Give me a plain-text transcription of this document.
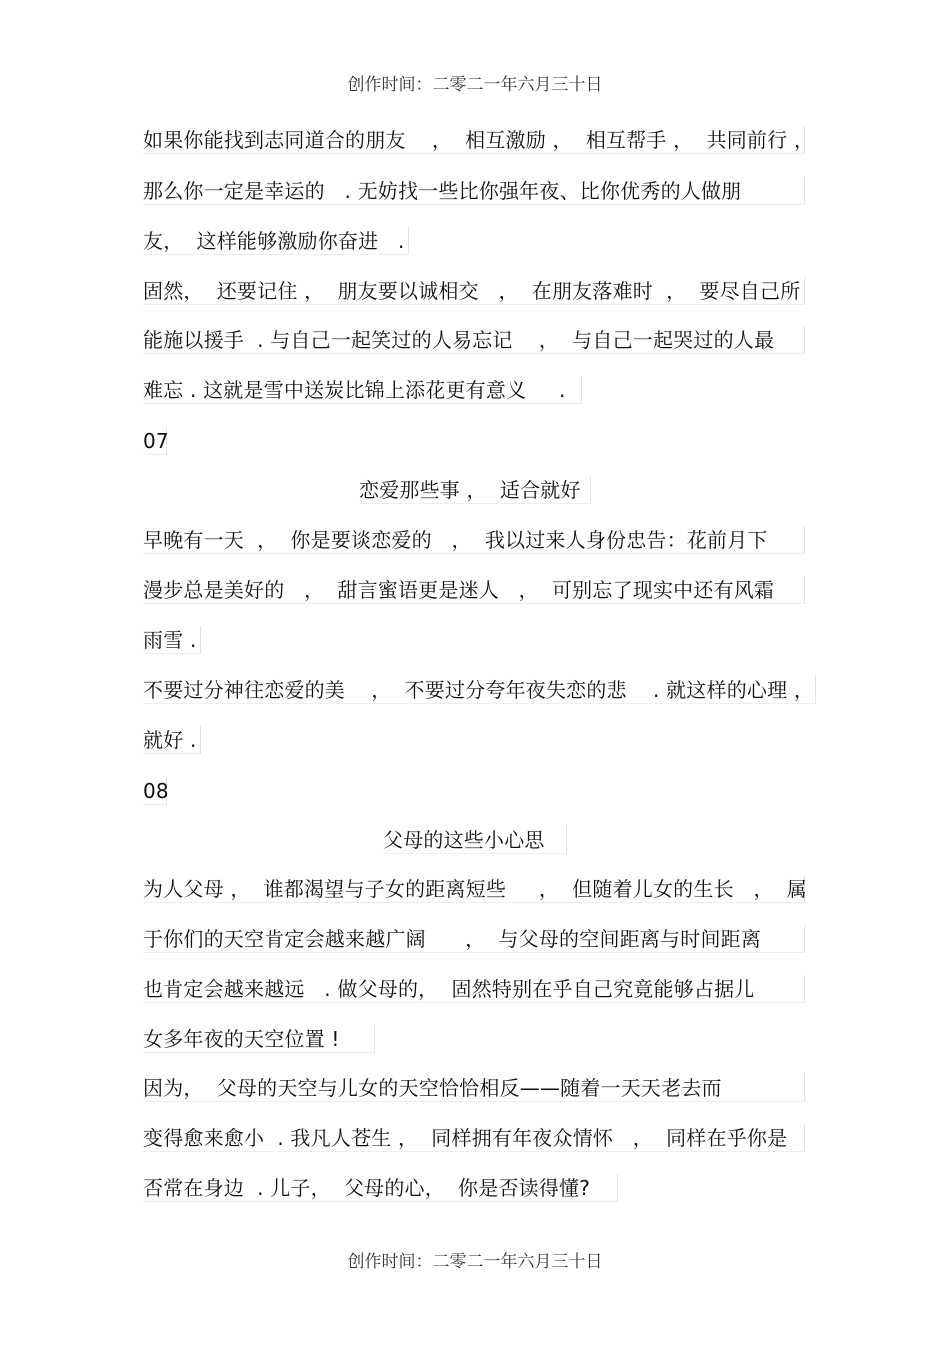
创作时间：二零二一年六月三十日
如果你能找到志同道合的朋友    ，  相互激励 ，  相互帮手 ，  共同前行 ，
那么你一定是幸运的   . 无妨找一些比你强年夜、比你优秀的人做朋
友，  这样能够激励你奋进   .
固然，  还要记住 ，  朋友要以诚相交   ，  在朋友落难时  ，  要尽自己所
能施以援手  . 与自己一起笑过的人易忘记    ，  与自己一起哭过的人最
难忘 . 这就是雪中送炭比锦上添花更有意义     .
07
恋爱那些事 ，  适合就好
早晚有一天  ，  你是要谈恋爱的   ，  我以过来人身份忠告：花前月下
漫步总是美好的   ，  甜言蜜语更是迷人   ，  可别忘了现实中还有风霜
雨雪 .
不要过分神往恋爱的美    ，  不要过分夸年夜失恋的悲    . 就这样的心理 ，
就好 .
08
父母的这些小心思
为人父母 ，  谁都渴望与子女的距离短些     ，  但随着儿女的生长   ，  属
于你们的天空肯定会越来越广阔      ，  与父母的空间距离与时间距离
也肯定会越来越远   . 做父母的，  固然特别在乎自己究竟能够占据儿
女多年夜的天空位置 !
因为，  父母的天空与儿女的天空恰恰相反——随着一天天老去而
变得愈来愈小  . 我凡人苍生 ，  同样拥有年夜众情怀   ，  同样在乎你是
否常在身边  . 儿子，  父母的心，  你是否读得懂?
创作时间：二零二一年六月三十日
